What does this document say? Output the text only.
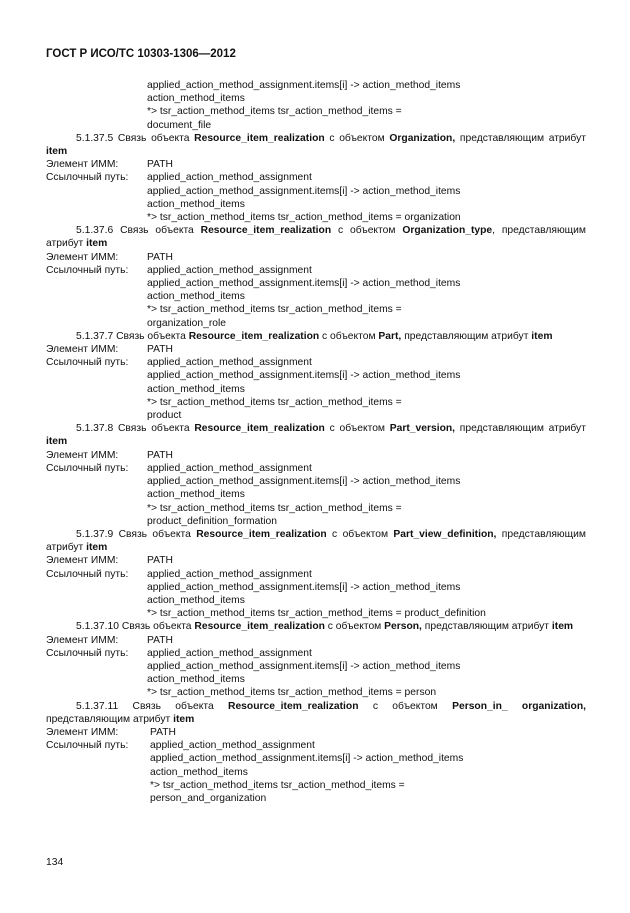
ГОСТ Р ИСО/ТС 10303-1306—2012
applied_action_method_assignment.items[i] -> action_method_items
action_method_items
*> tsr_action_method_items tsr_action_method_items =
document_file
5.1.37.5 Связь объекта Resource_item_realization с объектом Organization, представляющим атрибут item
Элемент ИММ:	PATH
Ссылочный путь: applied_action_method_assignment
applied_action_method_assignment.items[i] -> action_method_items
action_method_items
*> tsr_action_method_items tsr_action_method_items = organization
5.1.37.6 Связь объекта Resource_item_realization с объектом Organization_type, представляющим атрибут item
Элемент ИММ:	PATH
Ссылочный путь: applied_action_method_assignment
applied_action_method_assignment.items[i] -> action_method_items
action_method_items
*> tsr_action_method_items tsr_action_method_items =
organization_role
5.1.37.7 Связь объекта Resource_item_realization с объектом Part, представляющим атрибут item
Элемент ИММ:	PATH
Ссылочный путь: applied_action_method_assignment
applied_action_method_assignment.items[i] -> action_method_items
action_method_items
*> tsr_action_method_items tsr_action_method_items =
product
5.1.37.8 Связь объекта Resource_item_realization с объектом Part_version, представляющим атрибут item
Элемент ИММ:	PATH
Ссылочный путь: applied_action_method_assignment
applied_action_method_assignment.items[i] -> action_method_items
action_method_items
*> tsr_action_method_items tsr_action_method_items =
product_definition_formation
5.1.37.9 Связь объекта Resource_item_realization с объектом Part_view_definition, представляющим атрибут item
Элемент ИММ:	PATH
Ссылочный путь: applied_action_method_assignment
applied_action_method_assignment.items[i] -> action_method_items
action_method_items
*> tsr_action_method_items tsr_action_method_items = product_definition
5.1.37.10 Связь объекта Resource_item_realization с объектом Person, представляющим атрибут item
Элемент ИММ:	PATH
Ссылочный путь: applied_action_method_assignment
applied_action_method_assignment.items[i] -> action_method_items
action_method_items
*> tsr_action_method_items tsr_action_method_items = person
5.1.37.11 Связь объекта Resource_item_realization с объектом Person_in_ organization, представляющим атрибут item
Элемент ИММ:	PATH
Ссылочный путь: applied_action_method_assignment
applied_action_method_assignment.items[i] -> action_method_items
action_method_items
*> tsr_action_method_items tsr_action_method_items =
person_and_organization
134
